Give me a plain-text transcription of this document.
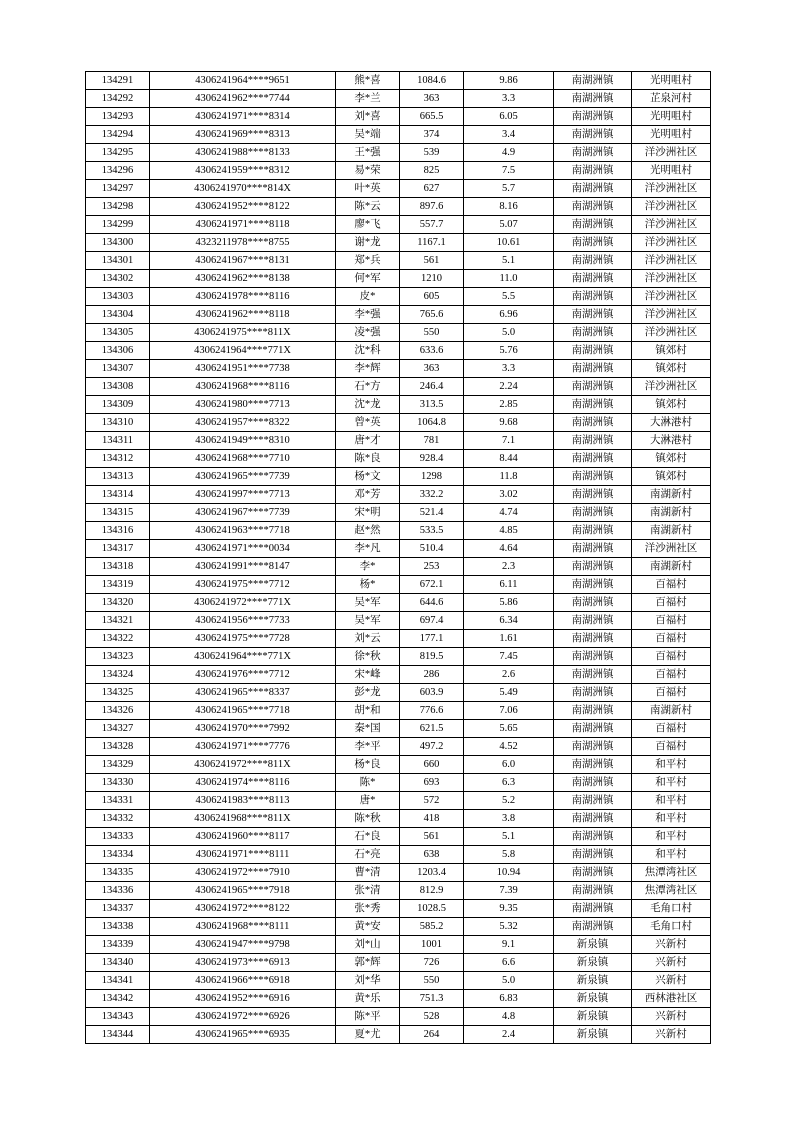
134291	4306241964****9651	熊*喜	1084.6	9.86	南湖洲镇	光明咀村
134292	4306241962****7744	李*兰	363	3.3	南湖洲镇	芷泉河村
134293	4306241971****8314	刘*喜	665.5	6.05	南湖洲镇	光明咀村
134294	4306241969****8313	吴*端	374	3.4	南湖洲镇	光明咀村
134295	4306241988****8133	王*强	539	4.9	南湖洲镇	洋沙洲社区
134296	4306241959****8312	易*荣	825	7.5	南湖洲镇	光明咀村
134297	4306241970****814X	叶*英	627	5.7	南湖洲镇	洋沙洲社区
134298	4306241952****8122	陈*云	897.6	8.16	南湖洲镇	洋沙洲社区
134299	4306241971****8118	廖*飞	557.7	5.07	南湖洲镇	洋沙洲社区
134300	4323211978****8755	谢*龙	1167.1	10.61	南湖洲镇	洋沙洲社区
134301	4306241967****8131	郑*兵	561	5.1	南湖洲镇	洋沙洲社区
134302	4306241962****8138	何*军	1210	11.0	南湖洲镇	洋沙洲社区
134303	4306241978****8116	皮*	605	5.5	南湖洲镇	洋沙洲社区
134304	4306241962****8118	李*强	765.6	6.96	南湖洲镇	洋沙洲社区
134305	4306241975****811X	凌*强	550	5.0	南湖洲镇	洋沙洲社区
134306	4306241964****771X	沈*科	633.6	5.76	南湖洲镇	镇郊村
134307	4306241951****7738	李*辉	363	3.3	南湖洲镇	镇郊村
134308	4306241968****8116	石*方	246.4	2.24	南湖洲镇	洋沙洲社区
134309	4306241980****7713	沈*龙	313.5	2.85	南湖洲镇	镇郊村
134310	4306241957****8322	曾*英	1064.8	9.68	南湖洲镇	大淋港村
134311	4306241949****8310	唐*才	781	7.1	南湖洲镇	大淋港村
134312	4306241968****7710	陈*良	928.4	8.44	南湖洲镇	镇郊村
134313	4306241965****7739	杨*文	1298	11.8	南湖洲镇	镇郊村
134314	4306241997****7713	邓*芳	332.2	3.02	南湖洲镇	南湖新村
134315	4306241967****7739	宋*明	521.4	4.74	南湖洲镇	南湖新村
134316	4306241963****7718	赵*然	533.5	4.85	南湖洲镇	南湖新村
134317	4306241971****0034	李*凡	510.4	4.64	南湖洲镇	洋沙洲社区
134318	4306241991****8147	李*	253	2.3	南湖洲镇	南湖新村
134319	4306241975****7712	杨*	672.1	6.11	南湖洲镇	百福村
134320	4306241972****771X	吴*军	644.6	5.86	南湖洲镇	百福村
134321	4306241956****7733	吴*军	697.4	6.34	南湖洲镇	百福村
134322	4306241975****7728	刘*云	177.1	1.61	南湖洲镇	百福村
134323	4306241964****771X	徐*秋	819.5	7.45	南湖洲镇	百福村
134324	4306241976****7712	宋*峰	286	2.6	南湖洲镇	百福村
134325	4306241965****8337	彭*龙	603.9	5.49	南湖洲镇	百福村
134326	4306241965****7718	胡*和	776.6	7.06	南湖洲镇	南湖新村
134327	4306241970****7992	秦*国	621.5	5.65	南湖洲镇	百福村
134328	4306241971****7776	李*平	497.2	4.52	南湖洲镇	百福村
134329	4306241972****811X	杨*良	660	6.0	南湖洲镇	和平村
134330	4306241974****8116	陈*	693	6.3	南湖洲镇	和平村
134331	4306241983****8113	唐*	572	5.2	南湖洲镇	和平村
134332	4306241968****811X	陈*秋	418	3.8	南湖洲镇	和平村
134333	4306241960****8117	石*良	561	5.1	南湖洲镇	和平村
134334	4306241971****8111	石*亮	638	5.8	南湖洲镇	和平村
134335	4306241972****7910	曹*清	1203.4	10.94	南湖洲镇	焦潭湾社区
134336	4306241965****7918	张*清	812.9	7.39	南湖洲镇	焦潭湾社区
134337	4306241972****8122	张*秀	1028.5	9.35	南湖洲镇	毛角口村
134338	4306241968****8111	黄*安	585.2	5.32	南湖洲镇	毛角口村
134339	4306241947****9798	刘*山	1001	9.1	新泉镇	兴新村
134340	4306241973****6913	郭*辉	726	6.6	新泉镇	兴新村
134341	4306241966****6918	刘*华	550	5.0	新泉镇	兴新村
134342	4306241952****6916	黄*乐	751.3	6.83	新泉镇	西林港社区
134343	4306241972****6926	陈*平	528	4.8	新泉镇	兴新村
134344	4306241965****6935	夏*尤	264	2.4	新泉镇	兴新村
